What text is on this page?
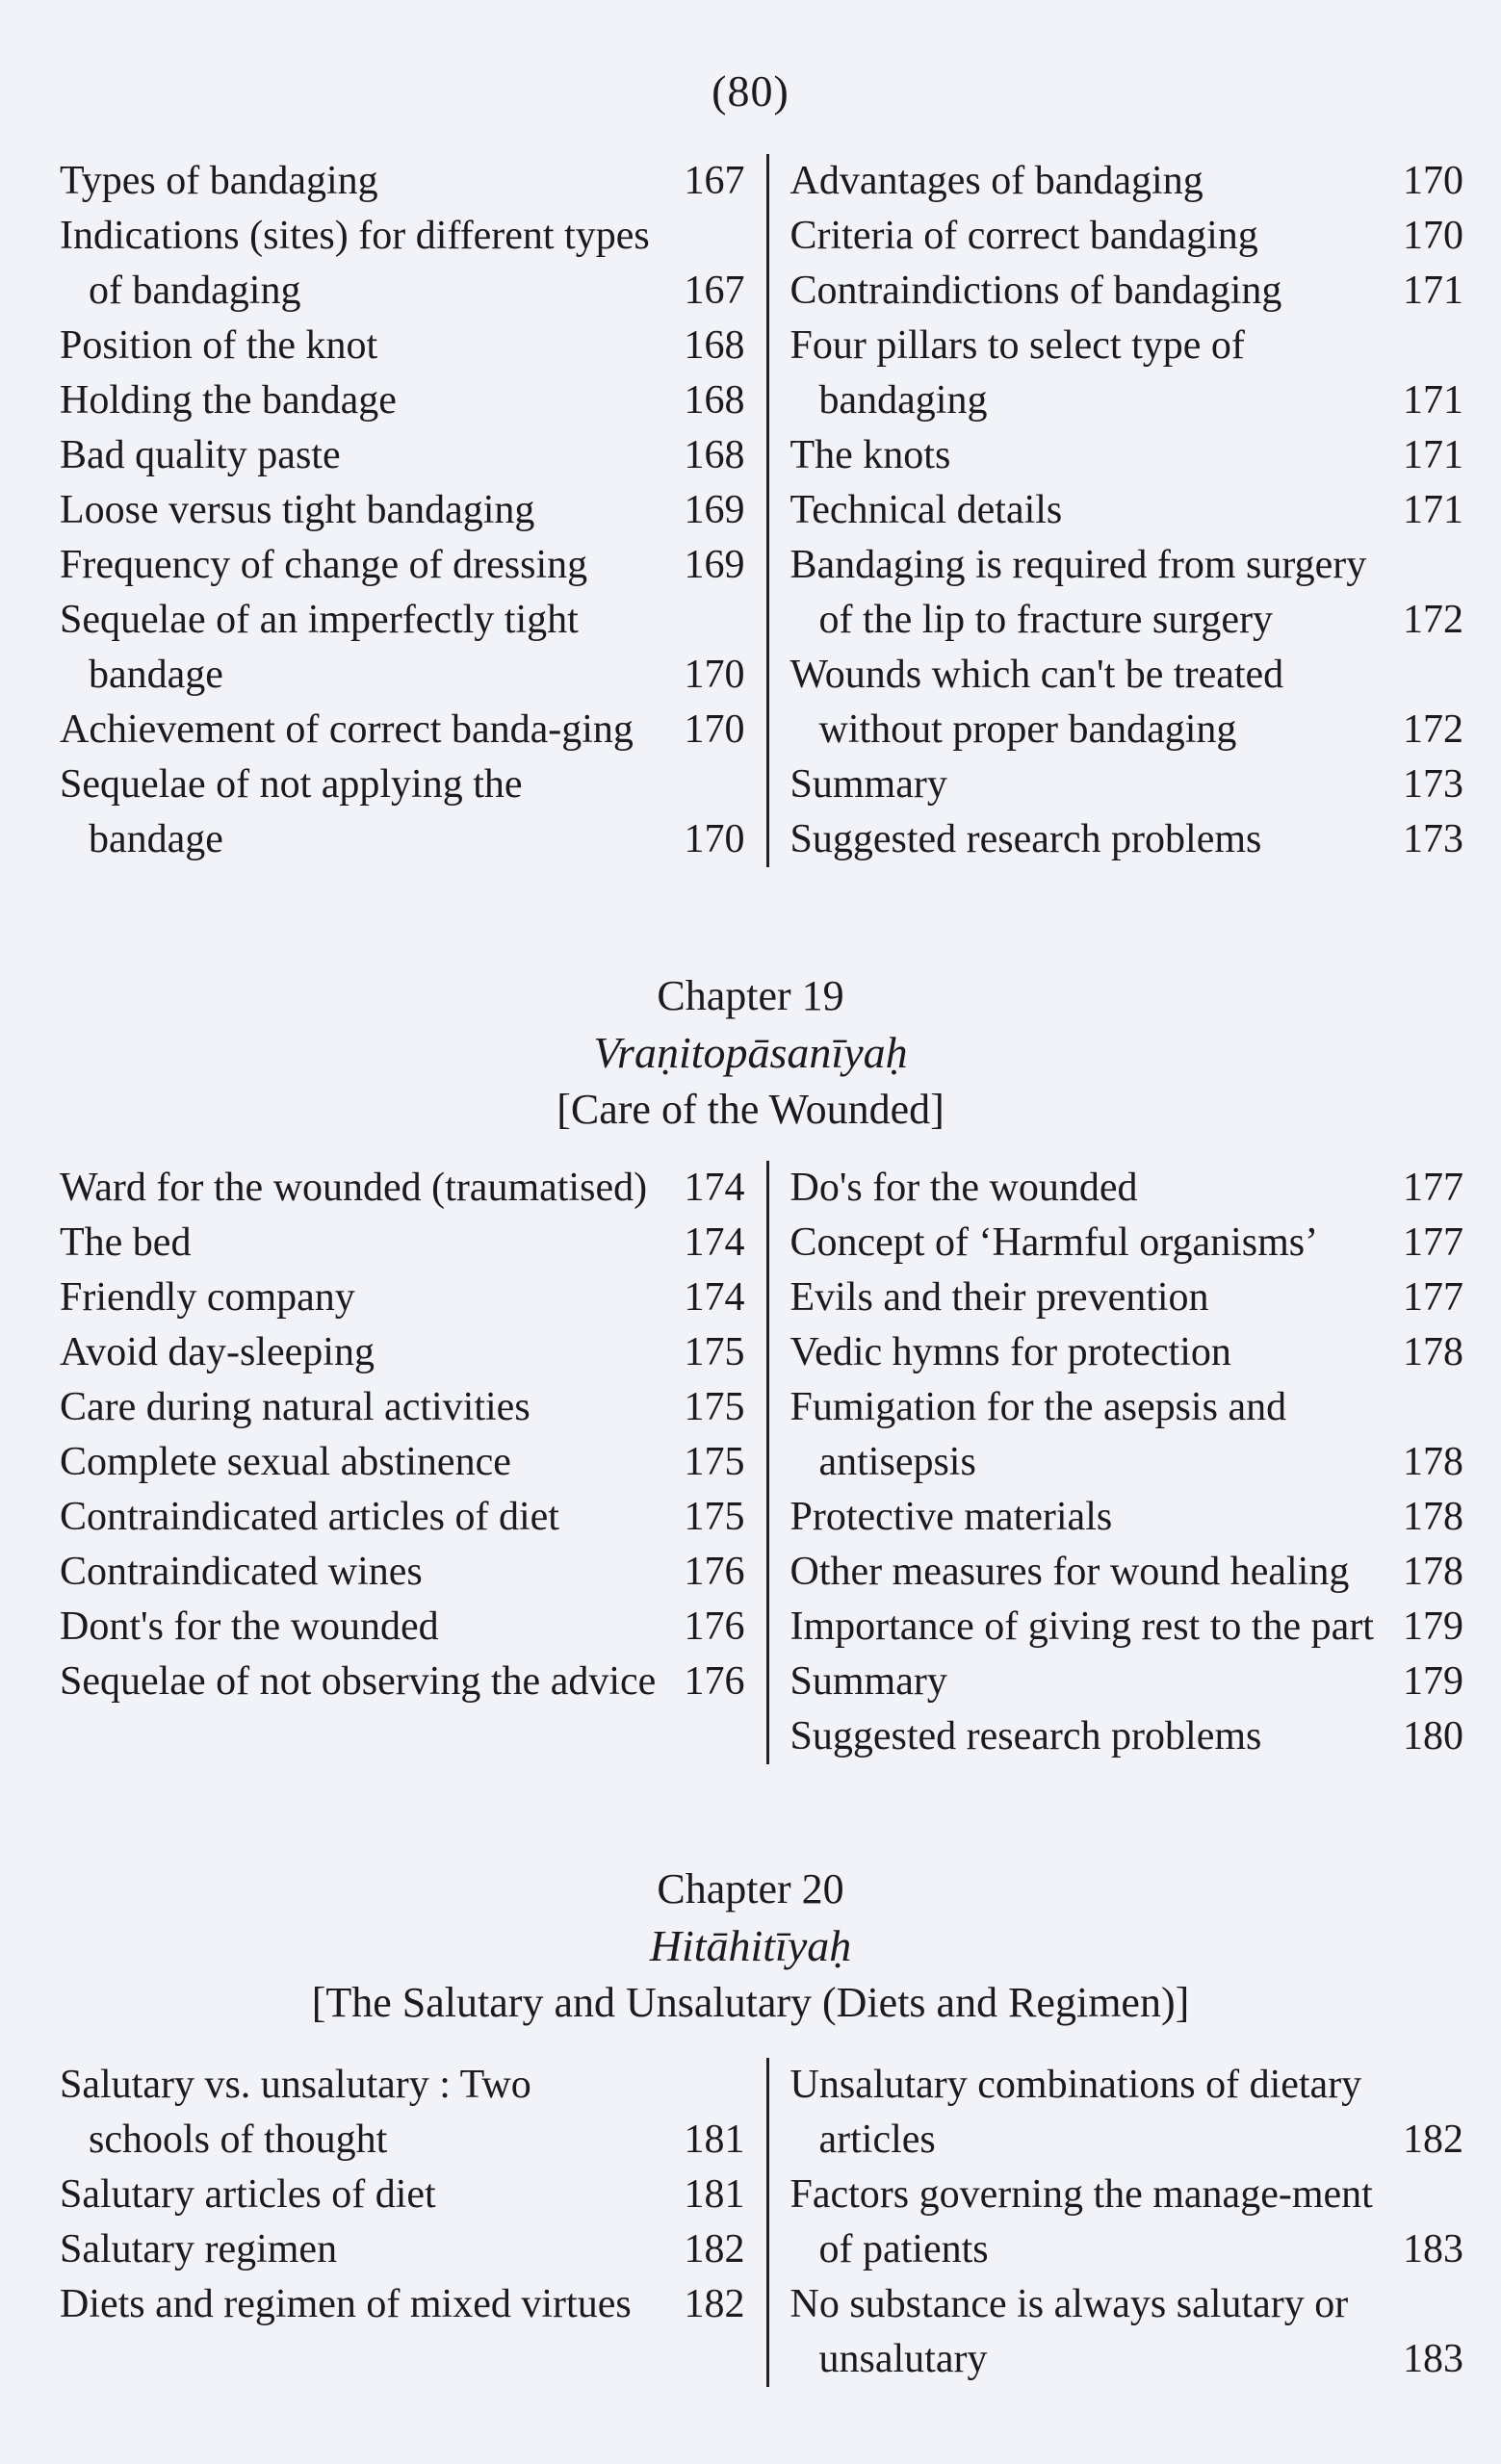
(80)
Types of bandaging	167
Indications (sites) for different types of bandaging	167
Position of the knot	168
Holding the bandage	168
Bad quality paste	168
Loose versus tight bandaging	169
Frequency of change of dressing	169
Sequelae of an imperfectly tight bandage	170
Achievement of correct banda-ging	170
Sequelae of not applying the bandage	170
Advantages of bandaging	170
Criteria of correct bandaging	170
Contraindictions of bandaging	171
Four pillars to select type of bandaging	171
The knots	171
Technical details	171
Bandaging is required from surgery of the lip to fracture surgery	172
Wounds which can't be treated without proper bandaging	172
Summary	173
Suggested research problems	173
Chapter 19
Vraṇitopāsanīyaḥ
[Care of the Wounded]
Ward for the wounded (traumatised) 174
The bed	174
Friendly company	174
Avoid day-sleeping	175
Care during natural activities	175
Complete sexual abstinence	175
Contraindicated articles of diet	175
Contraindicated wines	176
Dont's for the wounded	176
Sequelae of not observing the advice 176
Do's for the wounded	177
Concept of ‘Harmful organisms’	177
Evils and their prevention	177
Vedic hymns for protection	178
Fumigation for the asepsis and antisepsis	178
Protective materials	178
Other measures for wound healing	178
Importance of giving rest to the part 179
Summary	179
Suggested research problems	180
Chapter 20
Hitāhitīyaḥ
[The Salutary and Unsalutary (Diets and Regimen)]
Salutary vs. unsalutary : Two schools of thought	181
Salutary articles of diet	181
Salutary regimen	182
Diets and regimen of mixed virtues	182
Unsalutary combinations of dietary articles	182
Factors governing the manage-ment of patients	183
No substance is always salutary or unsalutary	183
